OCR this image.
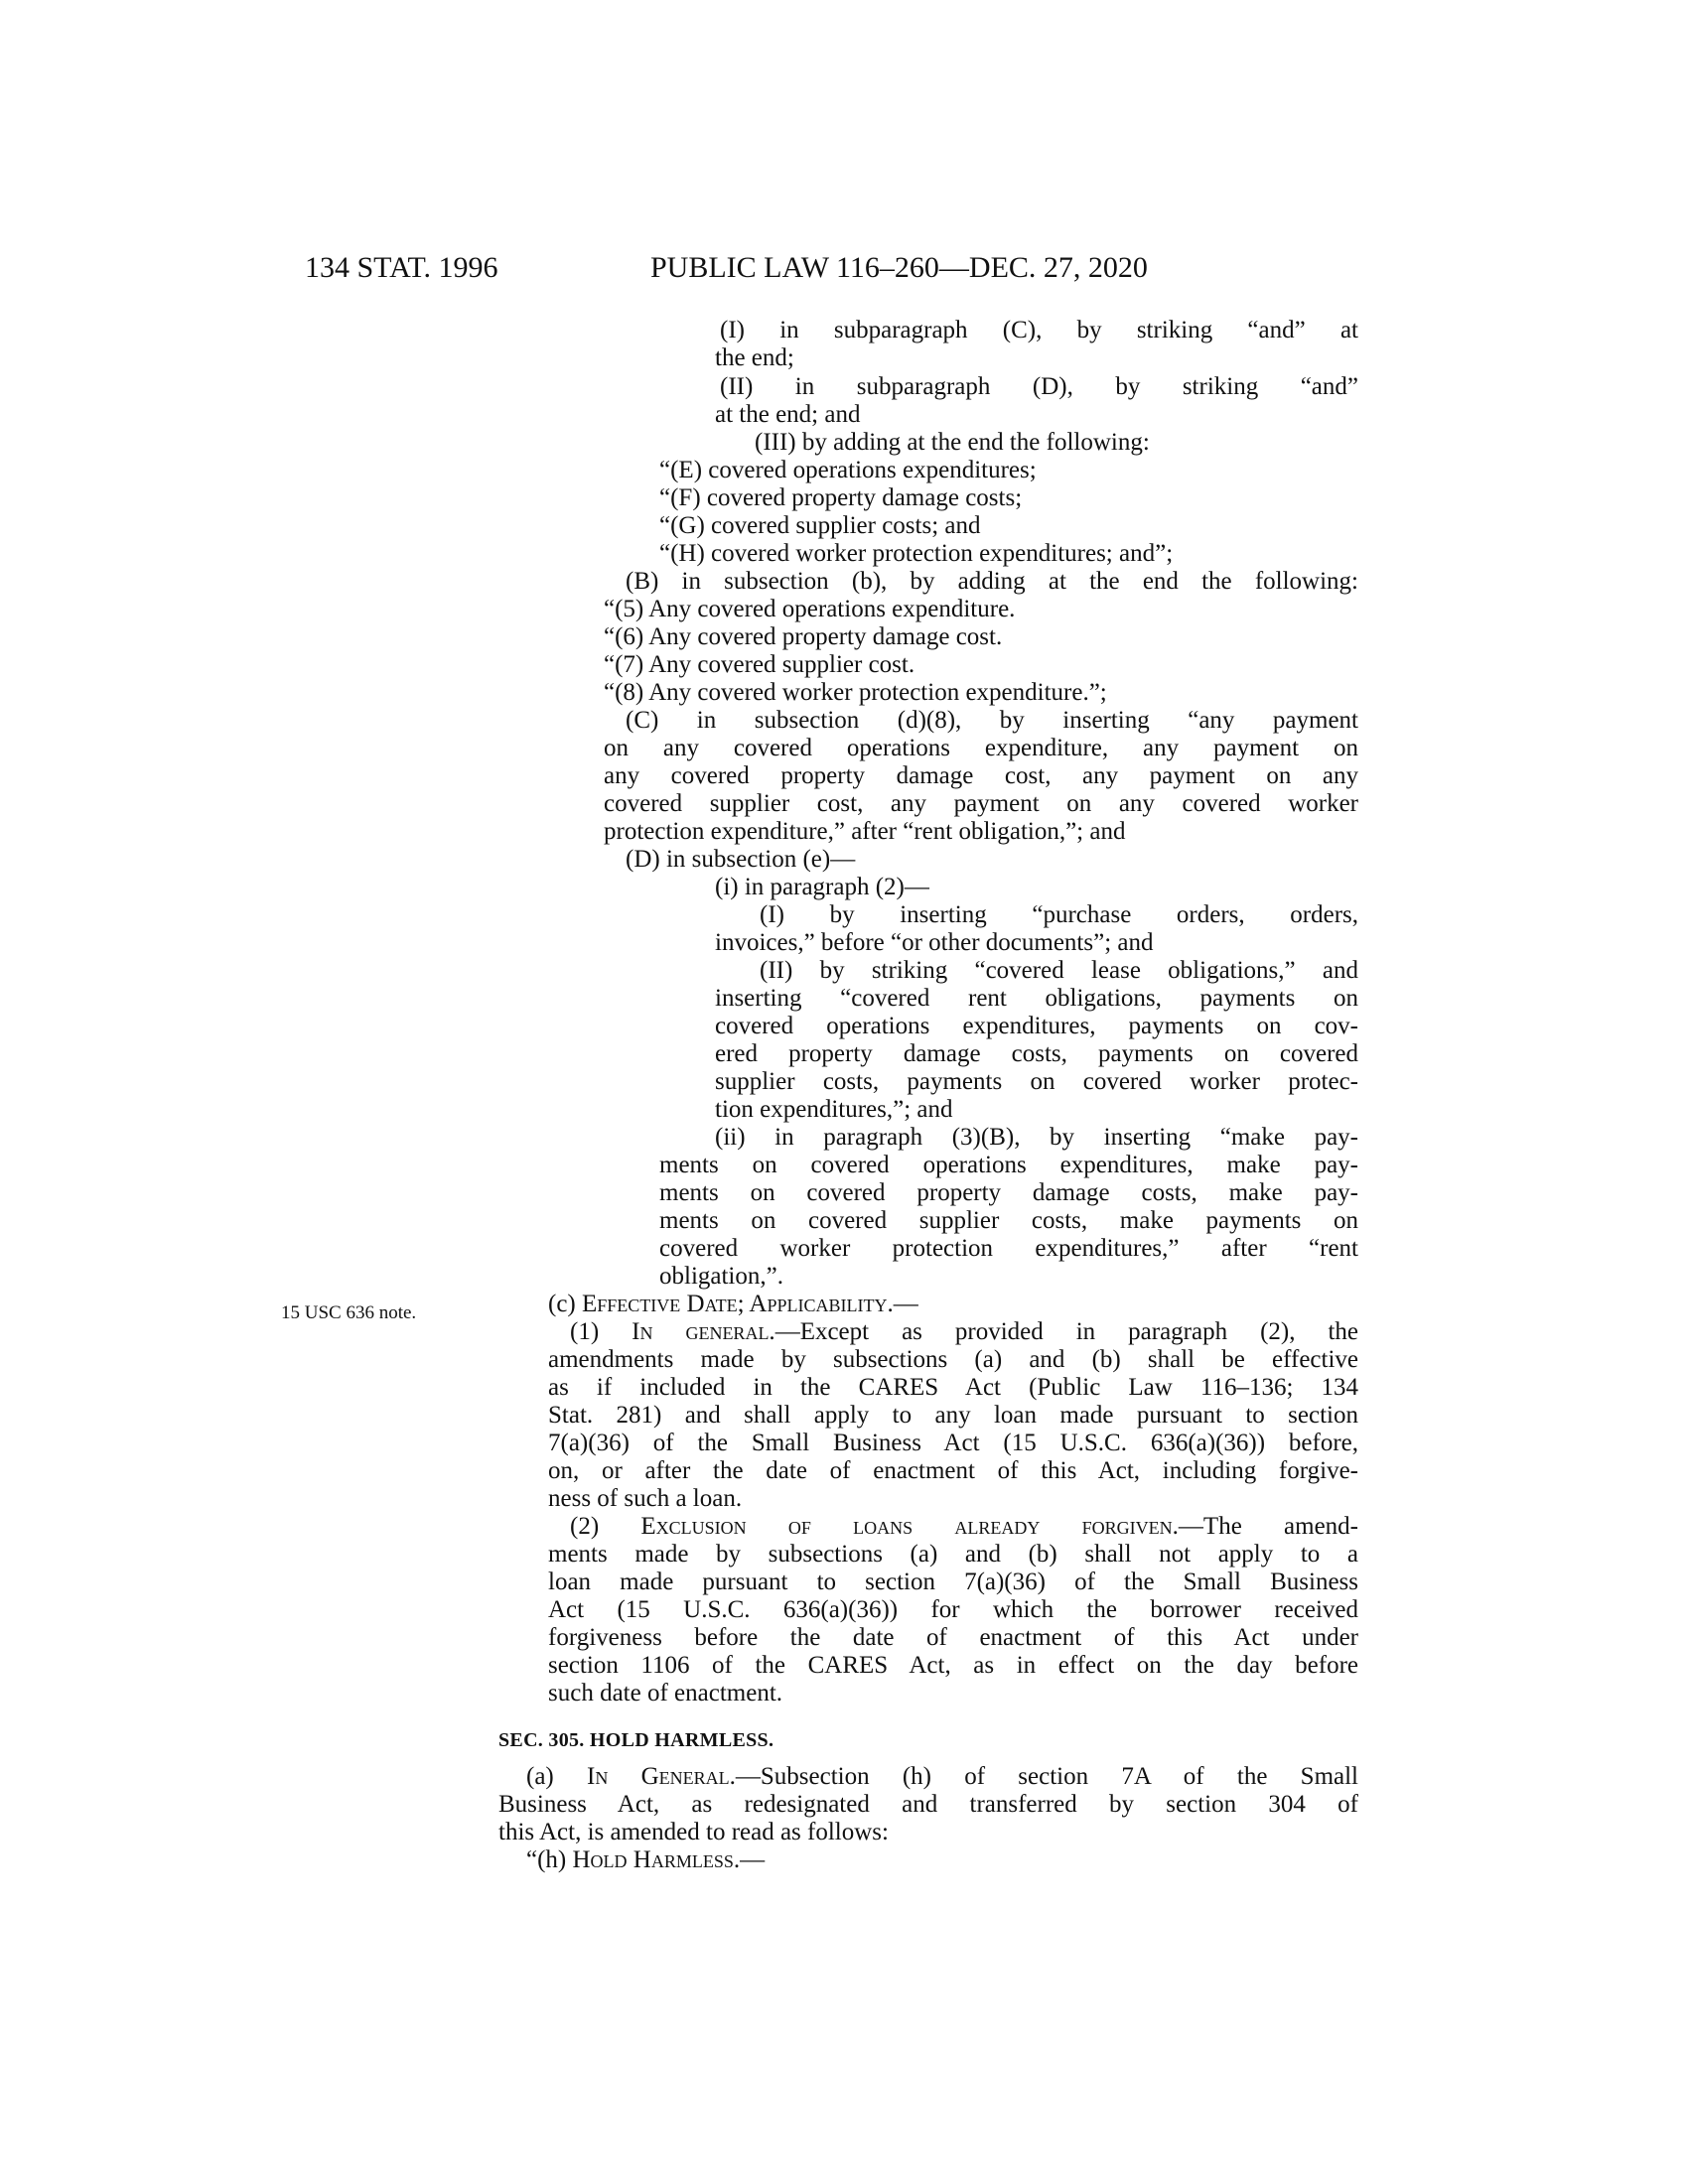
134 STAT. 1996	PUBLIC LAW 116–260—DEC. 27, 2020
15 USC 636 note.
(I) in subparagraph (C), by striking “and” at
the end;
(II) in subparagraph (D), by striking “and”
at the end; and
(III) by adding at the end the following:
“(E) covered operations expenditures;
“(F) covered property damage costs;
“(G) covered supplier costs; and
“(H) covered worker protection expenditures; and”;
(B) in subsection (b), by adding at the end the following:
“(5) Any covered operations expenditure.
“(6) Any covered property damage cost.
“(7) Any covered supplier cost.
“(8) Any covered worker protection expenditure.”;
(C) in subsection (d)(8), by inserting “any payment
on any covered operations expenditure, any payment on
any covered property damage cost, any payment on any
covered supplier cost, any payment on any covered worker
protection expenditure,” after “rent obligation,”; and
(D) in subsection (e)—
(i) in paragraph (2)—
(I) by inserting “purchase orders, orders,
invoices,” before “or other documents”; and
(II) by striking “covered lease obligations,” and
inserting “covered rent obligations, payments on
covered operations expenditures, payments on cov-
ered property damage costs, payments on covered
supplier costs, payments on covered worker protec-
tion expenditures,”; and
(ii) in paragraph (3)(B), by inserting “make pay-
ments on covered operations expenditures, make pay-
ments on covered property damage costs, make pay-
ments on covered supplier costs, make payments on
covered worker protection expenditures,” after “rent
obligation,”.
(c) Effective Date; Applicability.—
(1) In general.—Except as provided in paragraph (2), the
amendments made by subsections (a) and (b) shall be effective
as if included in the CARES Act (Public Law 116–136; 134
Stat. 281) and shall apply to any loan made pursuant to section
7(a)(36) of the Small Business Act (15 U.S.C. 636(a)(36)) before,
on, or after the date of enactment of this Act, including forgive-
ness of such a loan.
(2) Exclusion of loans already forgiven.—The amend-
ments made by subsections (a) and (b) shall not apply to a
loan made pursuant to section 7(a)(36) of the Small Business
Act (15 U.S.C. 636(a)(36)) for which the borrower received
forgiveness before the date of enactment of this Act under
section 1106 of the CARES Act, as in effect on the day before
such date of enactment.
SEC. 305. HOLD HARMLESS.
(a) In General.—Subsection (h) of section 7A of the Small
Business Act, as redesignated and transferred by section 304 of
this Act, is amended to read as follows:
“(h) Hold Harmless.—
